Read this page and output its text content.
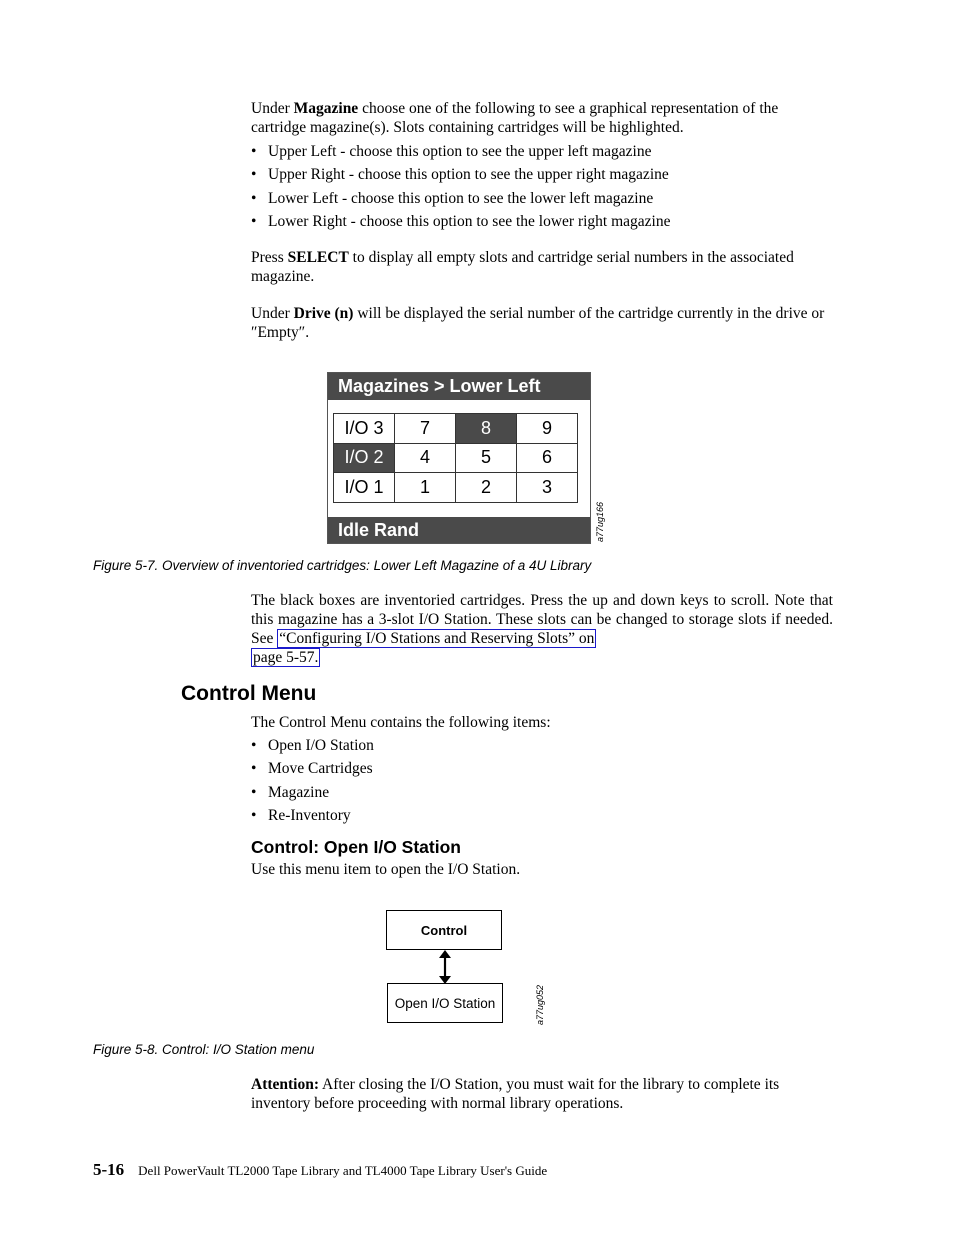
Under Magazine choose one of the following to see a graphical representation of the cartridge magazine(s). Slots containing cartridges will be highlighted.

• Upper Left - choose this option to see the upper left magazine
• Upper Right - choose this option to see the upper right magazine
• Lower Left - choose this option to see the lower left magazine
• Lower Right - choose this option to see the lower right magazine

Press SELECT to display all empty slots and cartridge serial numbers in the associated magazine.

Under Drive (n) will be displayed the serial number of the cartridge currently in the drive or ″Empty″.

Magazines > Lower Left
I/O 3	7	8	9
I/O 2	4	5	6
I/O 1	1	2	3
Idle Rand	a77ug166
Figure 5-7. Overview of inventoried cartridges: Lower Left Magazine of a 4U Library

The black boxes are inventoried cartridges. Press the up and down keys to scroll. Note that this magazine has a 3-slot I/O Station. These slots can be changed to storage slots if needed. See “Configuring I/O Stations and Reserving Slots” on
page 5-57.

Control Menu

The Control Menu contains the following items:

• Open I/O Station
• Move Cartridges
• Magazine
• Re-Inventory
Control: Open I/O Station

Use this menu item to open the I/O Station.

Control
Open I/O Station	a77ug052
Figure 5-8. Control: I/O Station menu

Attention: After closing the I/O Station, you must wait for the library to complete its inventory before proceeding with normal library operations.

5-16 Dell PowerVault TL2000 Tape Library and TL4000 Tape Library User's Guide
